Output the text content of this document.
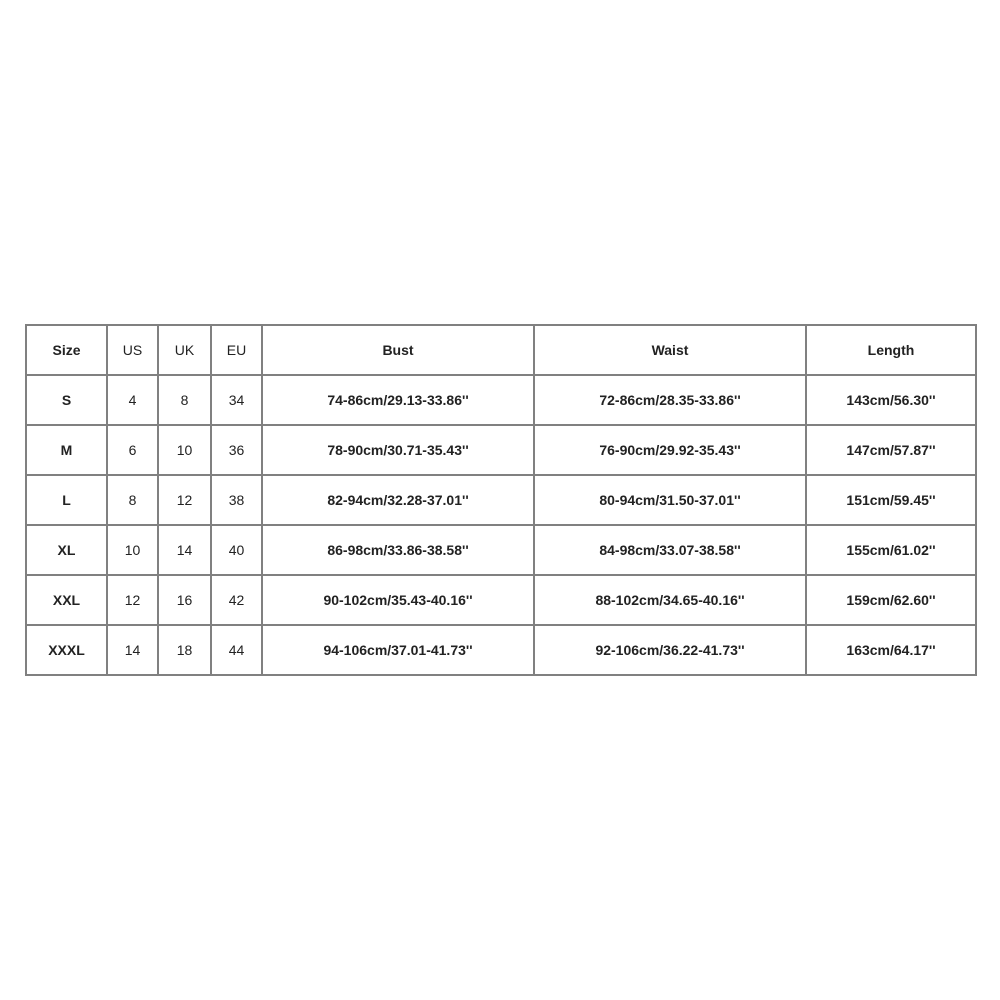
Size	US	UK	EU	Bust	Waist	Length
S	4	8	34	74-86cm/29.13-33.86''	72-86cm/28.35-33.86''	143cm/56.30''
M	6	10	36	78-90cm/30.71-35.43''	76-90cm/29.92-35.43''	147cm/57.87''
L	8	12	38	82-94cm/32.28-37.01''	80-94cm/31.50-37.01''	151cm/59.45''
XL	10	14	40	86-98cm/33.86-38.58''	84-98cm/33.07-38.58''	155cm/61.02''
XXL	12	16	42	90-102cm/35.43-40.16''	88-102cm/34.65-40.16''	159cm/62.60''
XXXL	14	18	44	94-106cm/37.01-41.73''	92-106cm/36.22-41.73''	163cm/64.17''
